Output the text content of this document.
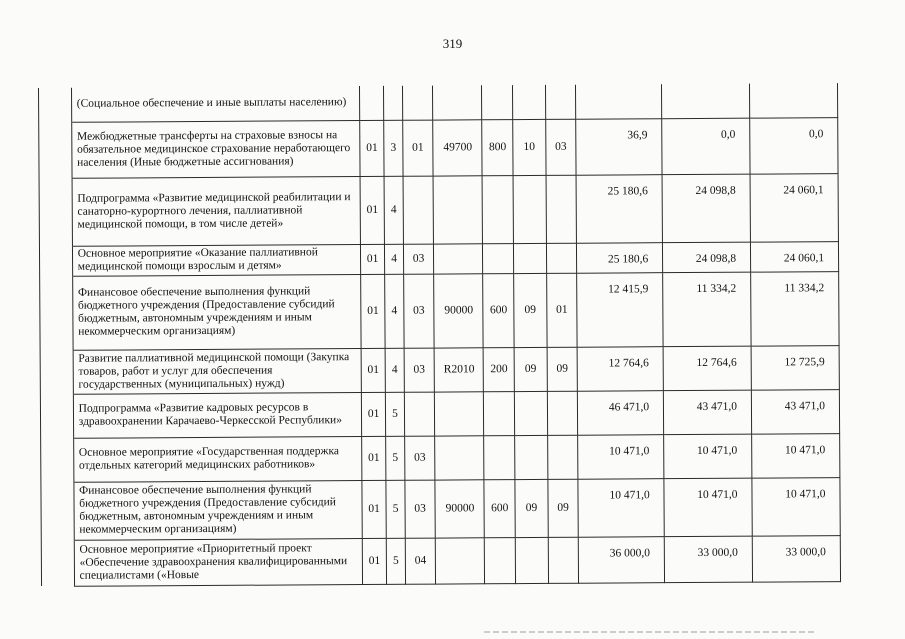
319
	(Социальное обеспечение и иные выплаты населению)										
	Межбюджетные трансферты на страховые взносы на обязательное медицинское страхование неработающего населения (Иные бюджетные ассигнования)	01	3	01	49700	800	10	03	36,9	0,0	0,0
	Подпрограмма «Развитие медицинской реабилитации и санаторно-курортного лечения, паллиативной медицинской помощи, в том числе детей»	01	4						25 180,6	24 098,8	24 060,1
	Основное мероприятие «Оказание паллиативной медицинской помощи взрослым и детям»	01	4	03					25 180,6	24 098,8	24 060,1
	Финансовое обеспечение выполнения функций бюджетного учреждения (Предоставление субсидий бюджетным, автономным учреждениям и иным некоммерческим организациям)	01	4	03	90000	600	09	01	12 415,9	11 334,2	11 334,2
	Развитие паллиативной медицинской помощи (Закупка товаров, работ и услуг для обеспечения государственных (муниципальных) нужд)	01	4	03	R2010	200	09	09	12 764,6	12 764,6	12 725,9
	Подпрограмма «Развитие кадровых ресурсов в здравоохранении Карачаево-Черкесской Республики»	01	5						46 471,0	43 471,0	43 471,0
	Основное мероприятие «Государственная поддержка отдельных категорий медицинских работников»	01	5	03					10 471,0	10 471,0	10 471,0
	Финансовое обеспечение выполнения функций бюджетного учреждения (Предоставление субсидий бюджетным, автономным учреждениям и иным некоммерческим организациям)	01	5	03	90000	600	09	09	10 471,0	10 471,0	10 471,0
	Основное мероприятие «Приоритетный проект «Обеспечение здравоохранения квалифицированными специалистами («Новые	01	5	04					36 000,0	33 000,0	33 000,0
